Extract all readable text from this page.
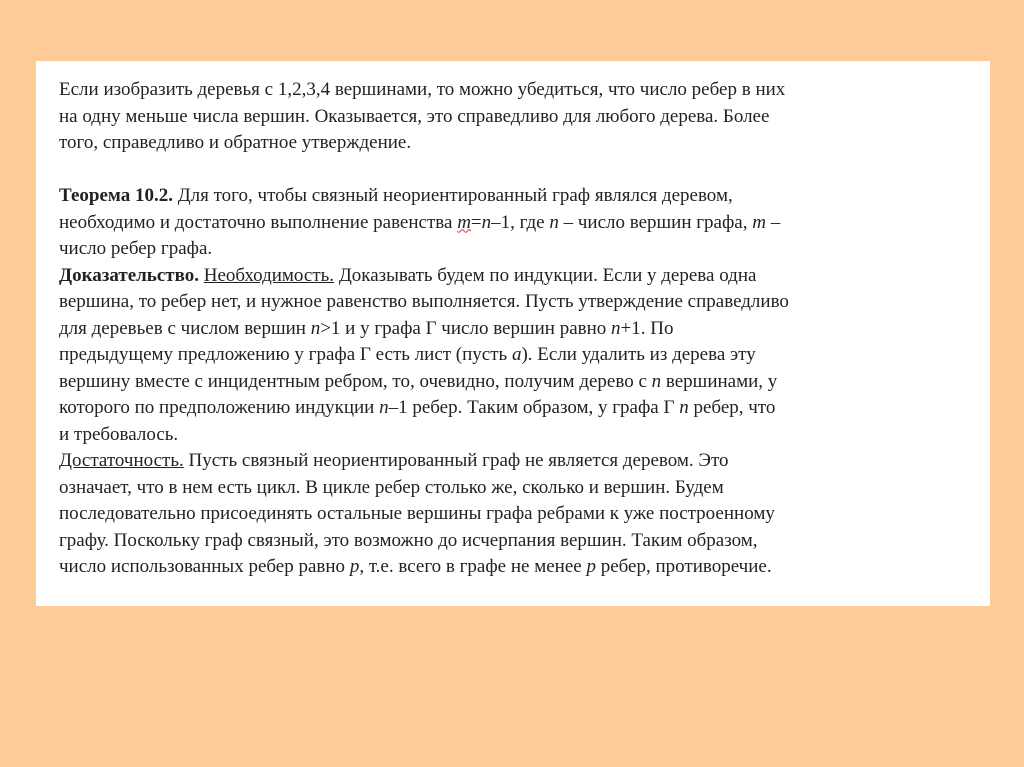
Если изобразить деревья с 1,2,3,4 вершинами, то можно убедиться, что число ребер в них
на одну меньше числа вершин. Оказывается, это справедливо для любого дерева. Более
того, справедливо и обратное утверждение.
Теорема 10.2. Для того, чтобы связный неориентированный граф являлся деревом,
необходимо и достаточно выполнение равенства m=n–1, где n – число вершин графа, m –
число ребер графа.
Доказательство. Необходимость. Доказывать будем по индукции. Если у дерева одна
вершина, то ребер нет, и нужное равенство выполняется. Пусть утверждение справедливо
для деревьев с числом вершин n>1 и у графа Г число вершин равно n+1. По
предыдущему предложению у графа Г есть лист (пусть a). Если удалить из дерева эту
вершину вместе с инцидентным ребром, то, очевидно, получим дерево с n вершинами, у
которого по предположению индукции n–1 ребер. Таким образом, у графа Г n ребер, что
и требовалось.
Достаточность. Пусть связный неориентированный граф не является деревом. Это
означает, что в нем есть цикл. В цикле ребер столько же, сколько и вершин. Будем
последовательно присоединять остальные вершины графа ребрами к уже построенному
графу. Поскольку граф связный, это возможно до исчерпания вершин. Таким образом,
число использованных ребер равно p, т.е. всего в графе не менее p ребер, противоречие.
